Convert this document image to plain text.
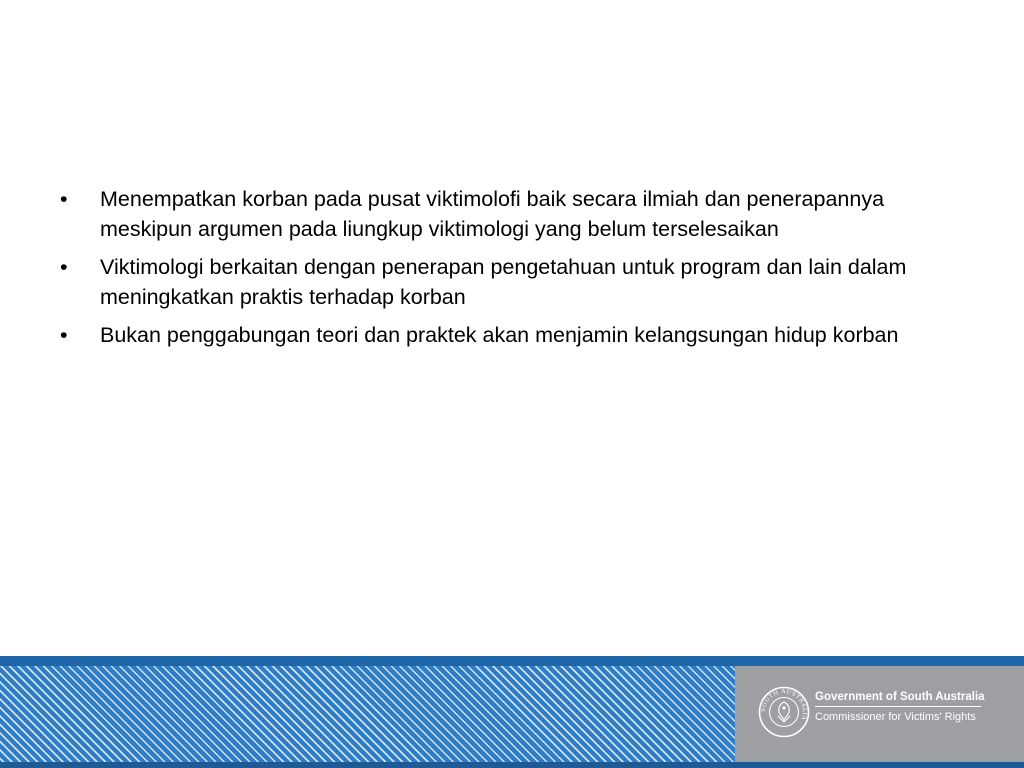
• Menempatkan korban pada pusat viktimolofi baik secara ilmiah dan penerapannya meskipun argumen pada liungkup viktimologi yang belum terselesaikan
• Viktimologi berkaitan dengan penerapan pengetahuan untuk program dan lain dalam meningkatkan praktis terhadap korban
• Bukan penggabungan teori dan praktek akan menjamin kelangsungan hidup korban
SOUTH AUSTRALIA
Government of South Australia
Commissioner for Victims' Rights
